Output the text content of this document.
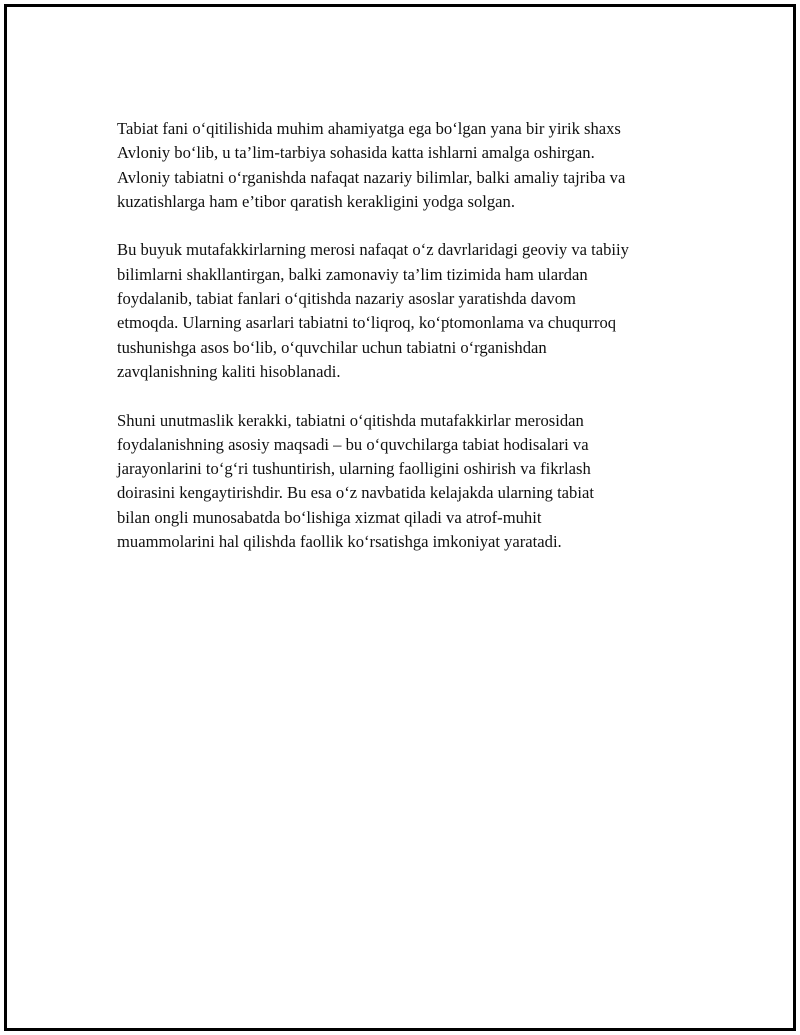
Tabiat fani o‘qitilishida muhim ahamiyatga ega bo‘lgan yana bir yirik shaxs
Avloniy bo‘lib, u ta’lim-tarbiya sohasida katta ishlarni amalga oshirgan.
Avloniy tabiatni o‘rganishda nafaqat nazariy bilimlar, balki amaliy tajriba va
kuzatishlarga ham e’tibor qaratish kerakligini yodga solgan.

Bu buyuk mutafakkirlarning merosi nafaqat o‘z davrlaridagi geoviy va tabiiy
bilimlarni shakllantirgan, balki zamonaviy ta’lim tizimida ham ulardan
foydalanib, tabiat fanlari o‘qitishda nazariy asoslar yaratishda davom
etmoqda. Ularning asarlari tabiatni to‘liqroq, ko‘ptomonlama va chuqurroq
tushunishga asos bo‘lib, o‘quvchilar uchun tabiatni o‘rganishdan
zavqlanishning kaliti hisoblanadi.

Shuni unutmaslik kerakki, tabiatni o‘qitishda mutafakkirlar merosidan
foydalanishning asosiy maqsadi – bu o‘quvchilarga tabiat hodisalari va
jarayonlarini to‘g‘ri tushuntirish, ularning faolligini oshirish va fikrlash
doirasini kengaytirishdir. Bu esa o‘z navbatida kelajakda ularning tabiat
bilan ongli munosabatda bo‘lishiga xizmat qiladi va atrof-muhit
muammolarini hal qilishda faollik ko‘rsatishga imkoniyat yaratadi.
